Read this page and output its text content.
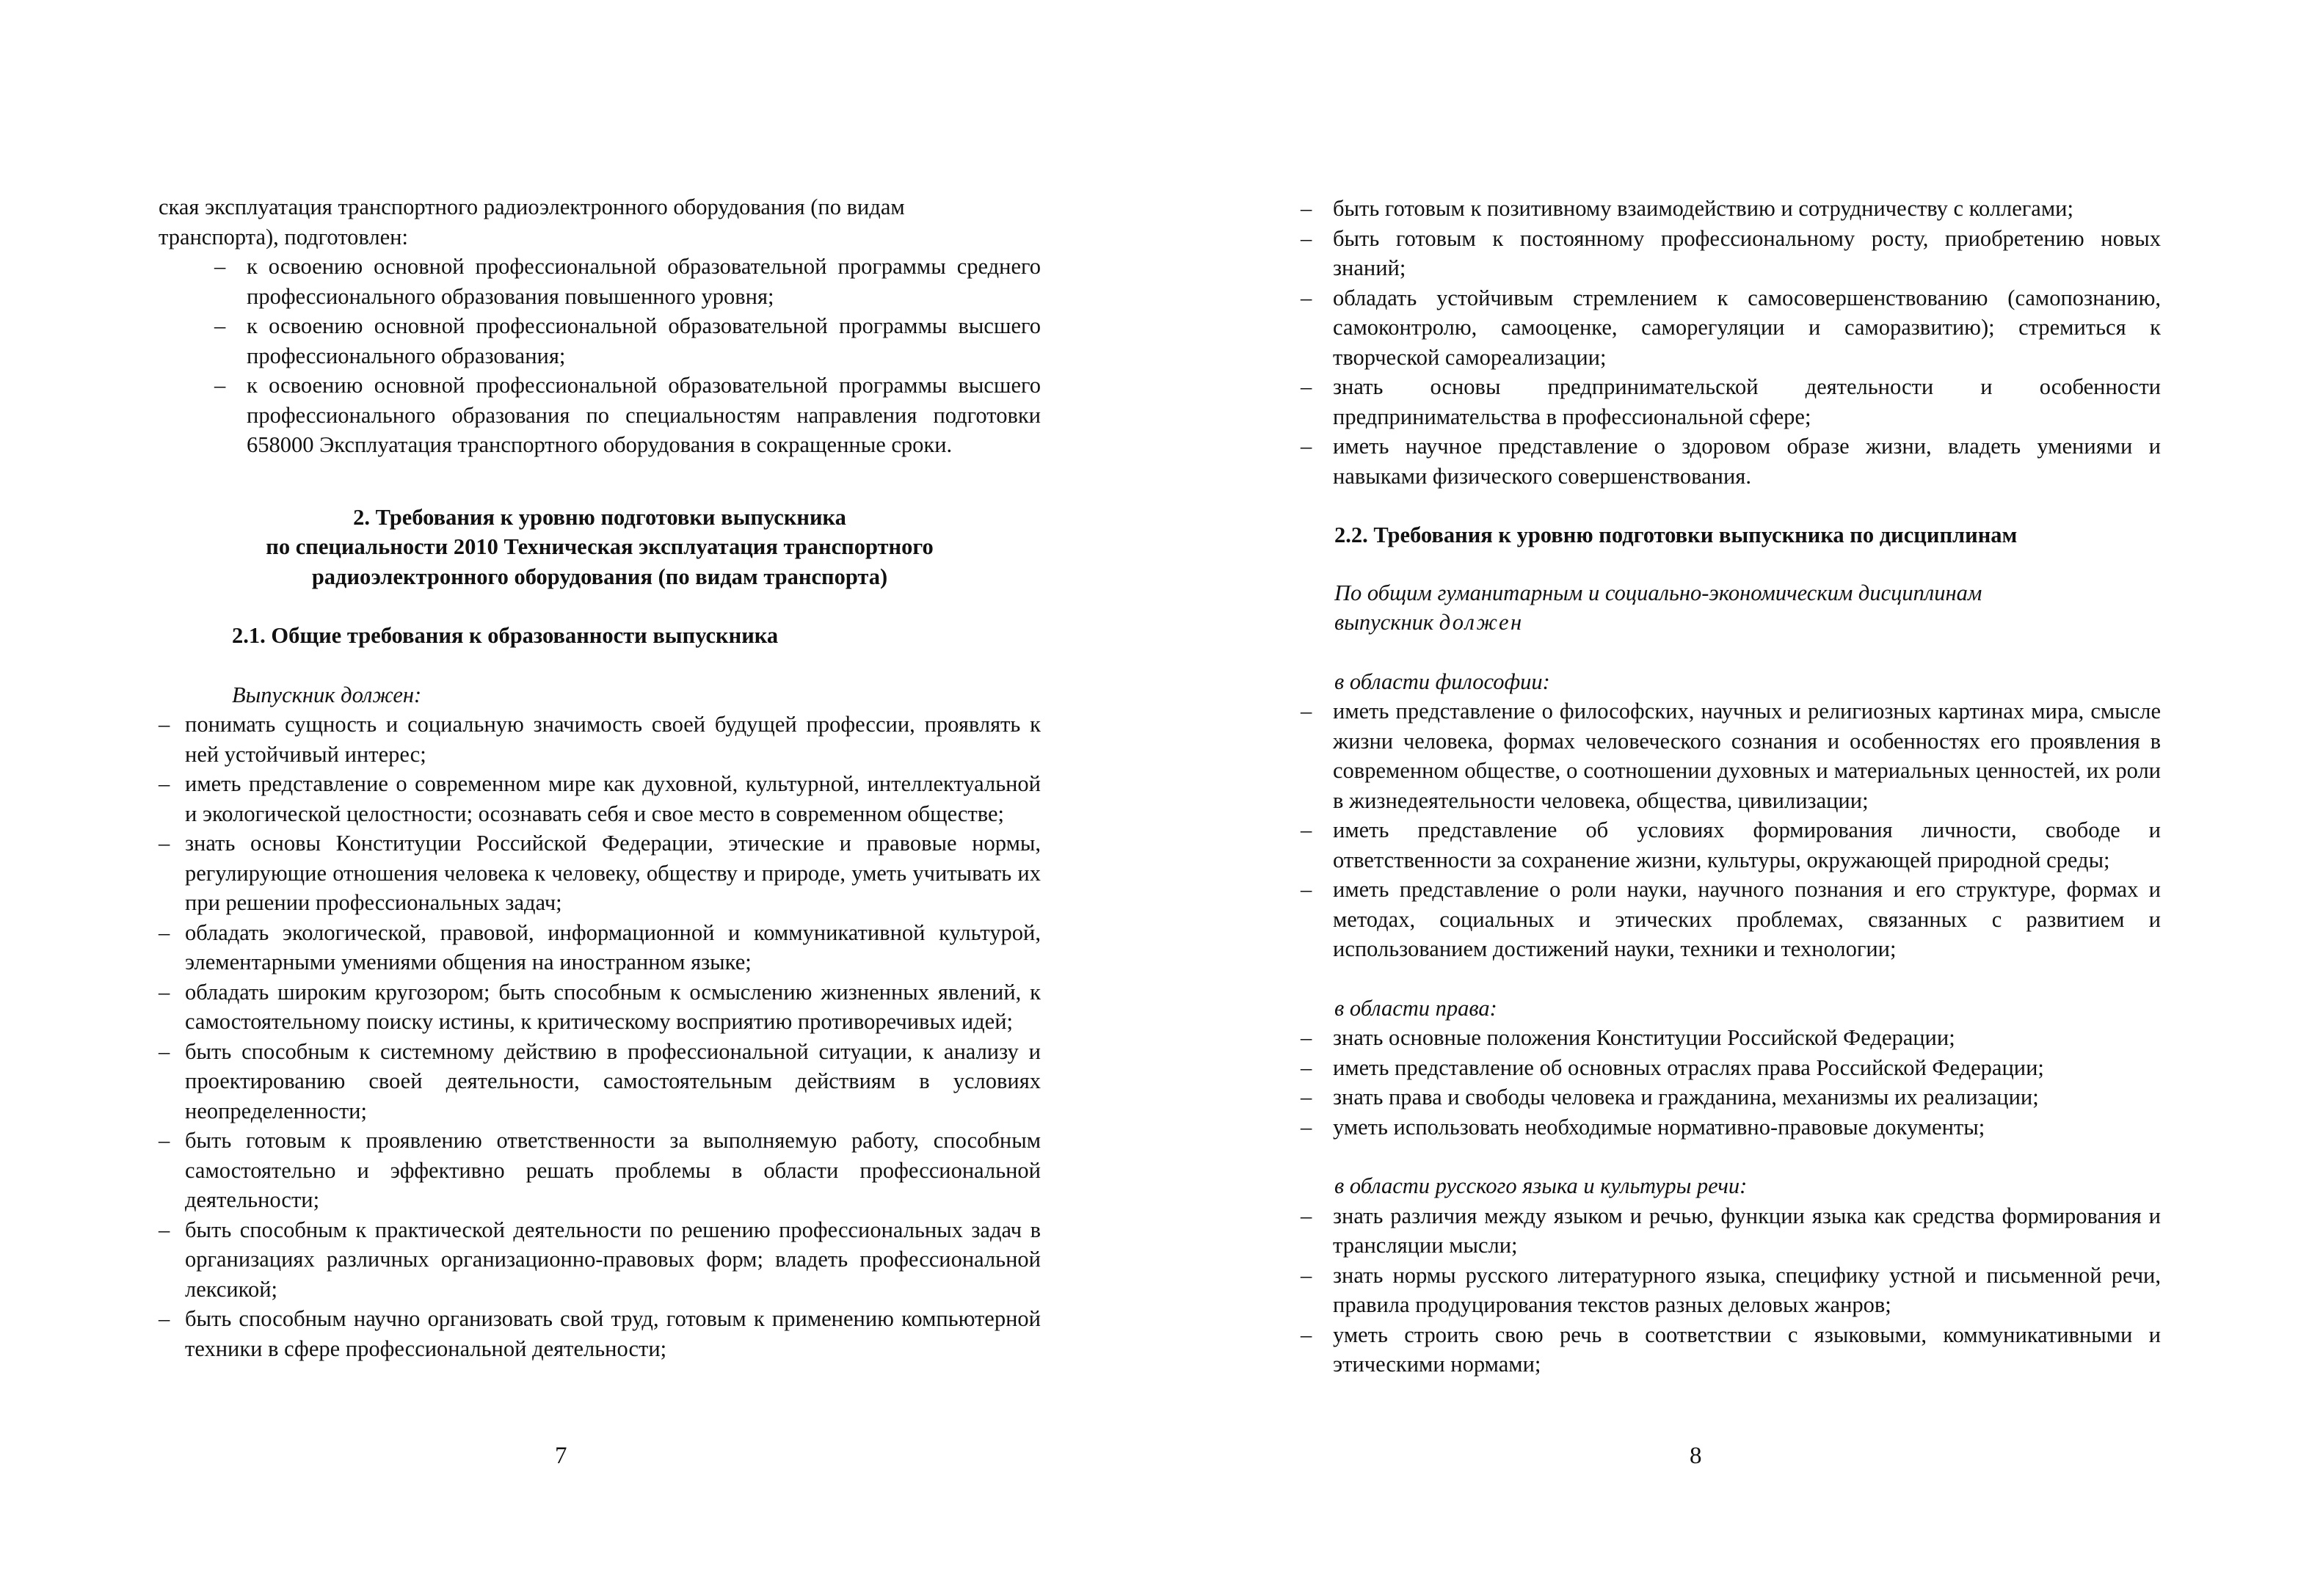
ская эксплуатация транспортного радиоэлектронного оборудования (по видам

транспорта), подготовлен:

– к освоению основной профессиональной образовательной программы среднего профессионального образования повышенного уровня;
– к освоению основной профессиональной образовательной программы высшего профессионального образования;
– к освоению основной профессиональной образовательной программы высшего профессионального образования по специальностям направления подготовки 658000 Эксплуатация транспортного оборудования в сокращенные сроки.

2. Требования к уровню подготовки выпускника

по специальности 2010 Техническая эксплуатация транспортного

радиоэлектронного оборудования (по видам транспорта)

2.1. Общие требования к образованности выпускника

Выпускник должен:

– понимать сущность и социальную значимость своей будущей профессии, проявлять к ней устойчивый интерес;
– иметь представление о современном мире как духовной, культурной, интеллектуальной и экологической целостности; осознавать себя и свое место в современном обществе;
– знать основы Конституции Российской Федерации, этические и правовые нормы, регулирующие отношения человека к человеку, обществу и природе, уметь учитывать их при решении профессиональных задач;
– обладать экологической, правовой, информационной и коммуникативной культурой, элементарными умениями общения на иностранном языке;
– обладать широким кругозором; быть способным к осмыслению жизненных явлений, к самостоятельному поиску истины, к критическому восприятию противоречивых идей;
– быть способным к системному действию в профессиональной ситуации, к анализу и проектированию своей деятельности, самостоятельным действиям в условиях неопределенности;
– быть готовым к проявлению ответственности за выполняемую работу, способным самостоятельно и эффективно решать проблемы в области профессиональной деятельности;
– быть способным к практической деятельности по решению профессиональных задач в организациях различных организационно-правовых форм; владеть профессиональной лексикой;
– быть способным научно организовать свой труд, готовым к применению компьютерной техники в сфере профессиональной деятельности;
7
– быть готовым к позитивному взаимодействию и сотрудничеству с коллегами;
– быть готовым к постоянному профессиональному росту, приобретению новых знаний;
– обладать устойчивым стремлением к самосовершенствованию (самопознанию, самоконтролю, самооценке, саморегуляции и саморазвитию); стремиться к творческой самореализации;
– знать основы предпринимательской деятельности и особенности предпринимательства в профессиональной сфере;
– иметь научное представление о здоровом образе жизни, владеть умениями и навыками физического совершенствования.

2.2. Требования к уровню подготовки выпускника по дисциплинам

По общим гуманитарным и социально-экономическим дисциплинам

выпускник должен

в области философии:

– иметь представление о философских, научных и религиозных картинах мира, смысле жизни человека, формах человеческого сознания и особенностях его проявления в современном обществе, о соотношении духовных и материальных ценностей, их роли в жизнедеятельности человека, общества, цивилизации;
– иметь представление об условиях формирования личности, свободе и ответственности за сохранение жизни, культуры, окружающей природной среды;
– иметь представление о роли науки, научного познания и его структуре, формах и методах, социальных и этических проблемах, связанных с развитием и использованием достижений науки, техники и технологии;

в области права:

– знать основные положения Конституции Российской Федерации;
– иметь представление об основных отраслях права Российской Федерации;
– знать права и свободы человека и гражданина, механизмы их реализации;
– уметь использовать необходимые нормативно-правовые документы;

в области русского языка и культуры речи:

– знать различия между языком и речью, функции языка как средства формирования и трансляции мысли;
– знать нормы русского литературного языка, специфику устной и письменной речи, правила продуцирования текстов разных деловых жанров;
– уметь строить свою речь в соответствии с языковыми, коммуникативными и этическими нормами;
8
